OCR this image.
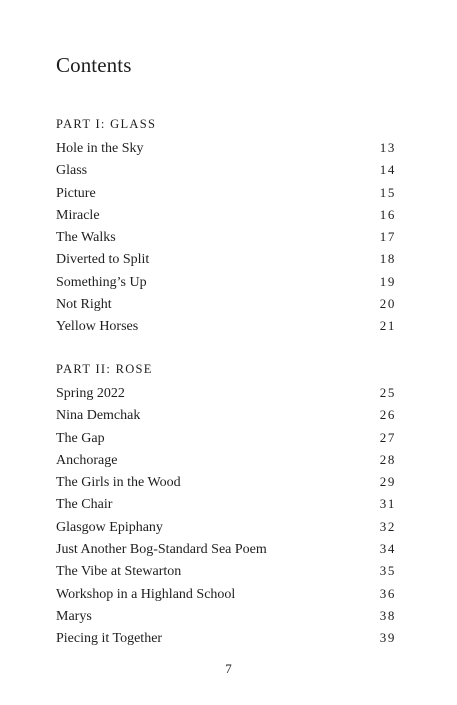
Contents
PART I: GLASS
Hole in the Sky	13
Glass	14
Picture	15
Miracle	16
The Walks	17
Diverted to Split	18
Something’s Up	19
Not Right	20
Yellow Horses	21
PART II: ROSE
Spring 2022	25
Nina Demchak	26
The Gap	27
Anchorage	28
The Girls in the Wood	29
The Chair	31
Glasgow Epiphany	32
Just Another Bog-Standard Sea Poem	34
The Vibe at Stewarton	35
Workshop in a Highland School	36
Marys	38
Piecing it Together	39
7
